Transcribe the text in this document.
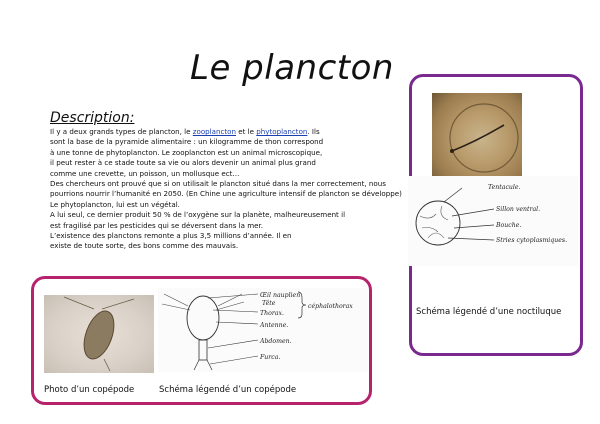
Le plancton
Description:

Il y a deux grands types de plancton, le zooplancton et le phytoplancton. Ils

sont la base de la pyramide alimentaire : un kilogramme de thon correspond

à une tonne de phytoplancton. Le zooplancton est un animal microscopique,

il peut rester à ce stade toute sa vie ou alors devenir un animal plus grand

comme une crevette, un poisson, un mollusque ect…

Des chercheurs ont prouvé que si on utilisait le plancton situé dans la mer correctement, nous

pourrions nourrir l’humanité en 2050. (En Chine une agriculture intensif de plancton se développe)

Le phytoplancton, lui est un végétal.

A lui seul, ce dernier produit 50 % de l’oxygène sur la planète, malheureusement il

est fragilisé par les pesticides qui se déversent dans la mer.

L’existence des planctons remonte a plus 3,5 millions d’année. Il en

existe de toute sorte, des bons comme des mauvais.

Tentacule.
Sillon ventral.
Bouche.
Stries cytoplasmiques.
Schéma légendé d’une noctiluque
Œil nauplien
Tête
Thorax.
Antenne.
Abdomen.
Furca.
céphalothorax
Photo d’un copépode	Schéma légendé d’un copépode
